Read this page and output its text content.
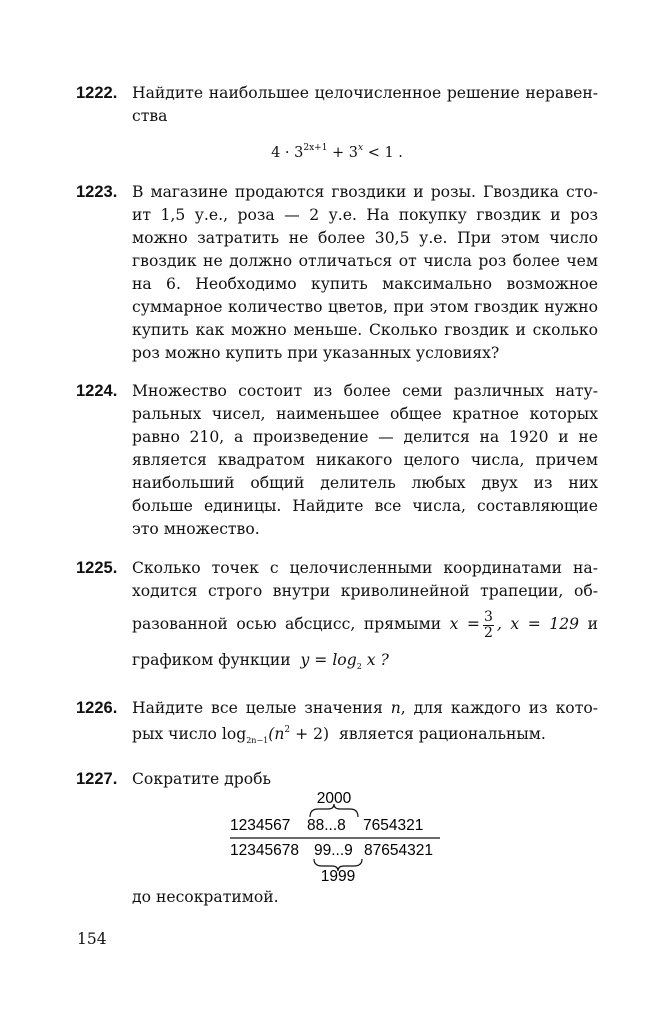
1222. Найдите наибольшее целочисленное решение неравен-
ства
$4 \cdot 3^{2x+1} + 3^x < 1$ .
1223. В магазине продаются гвоздики и розы. Гвоздика сто-
ит 1,5 у.е., роза — 2 у.е. На покупку гвоздик и роз
можно затратить не более 30,5 у.е. При этом число
гвоздик не должно отличаться от числа роз более чем
на 6. Необходимо купить максимально возможное
суммарное количество цветов, при этом гвоздик нужно
купить как можно меньше. Сколько гвоздик и сколько
роз можно купить при указанных условиях?
1224. Множество состоит из более семи различных нату-
ральных чисел, наименьшее общее кратное которых
равно 210, а произведение — делится на 1920 и не
является квадратом никакого целого числа, причем
наибольший общий делитель любых двух из них
больше единицы. Найдите все числа, составляющие
это множество.
1225. Сколько точек с целочисленными координатами на-
ходится строго внутри криволинейной трапеции, об-
разованной осью абсцисс, прямыми $x = \frac{3}{2}$ , x = 129 и
графиком функции $y = \log_2 x$ ?
1226. Найдите все целые значения n, для каждого из кото-
рых число $\log_{2n-1}(n^2 + 2)$ является рациональным.
1227. Сократите дробь
2000
1234567 88...8 7654321
12345678 99...9 87654321
1999
до несократимой.
154
